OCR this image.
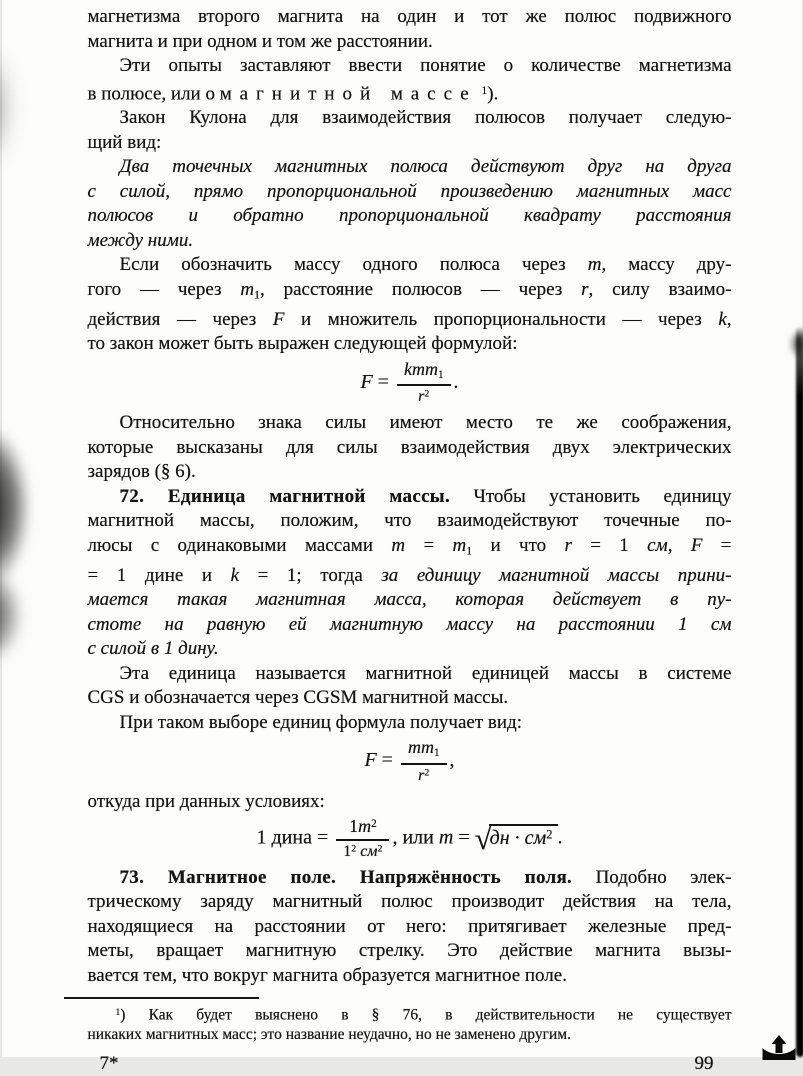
магнетизма второго магнита на один и тот же полюс подвижного
магнита и при одном и том же расстоянии.
Эти опыты заставляют ввести понятие о количестве магнетизма
в полюсе, или о магнитной массе $^1$).
Закон Кулона для взаимодействия полюсов получает следую-
щий вид:
Два точечных магнитных полюса действуют друг на друга
с силой, прямо пропорциональной произведению магнитных масс
полюсов и обратно пропорциональной квадрату расстояния
между ними.
Если обозначить массу одного полюса через m, массу дру-
гого — через m1, расстояние полюсов — через r, силу взаимо-
действия — через F и множитель пропорциональности — через k,
то закон может быть выражен следующей формулой:
$F = \frac{\text{kmm1}}{r^2}$ .
Относительно знака силы имеют место те же соображения,
которые высказаны для силы взаимодействия двух электрических
зарядов (§ 6).
72. Единица магнитной массы. Чтобы установить единицу
магнитной массы, положим, что взаимодействуют точечные по-
люсы с одинаковыми массами m = m1 и что r = 1 см, F =
= 1 дине и k = 1; тогда за единицу магнитной массы прини-
мается такая магнитная масса, которая действует в пу-
стоте на равную ей магнитную массу на расстоянии 1 см
с силой в 1 дину.
Эта единица называется магнитной единицей массы в системе
CGS и обозначается через CGSM магнитной массы.
При таком выборе единиц формула получает вид:
$F = \frac{mm1}{r^2}$ ,
откуда при данных условиях:
1 дина = $\frac{1m^2}{1^2 см^2}$ , или $m = √дн \cdot см^2$ .
73. Магнитное поле. Напряжённость поля. Подобно элек-
трическому заряду магнитный полюс производит действия на тела,
находящиеся на расстоянии от него: притягивает железные пред-
меты, вращает магнитную стрелку. Это действие магнита вызы-
вается тем, что вокруг магнита образуется магнитное поле.
$^1$) Как будет выяснено в § 76, в действительности не существует
никаких магнитных масс; это название неудачно, но не заменено другим.
7*	99
